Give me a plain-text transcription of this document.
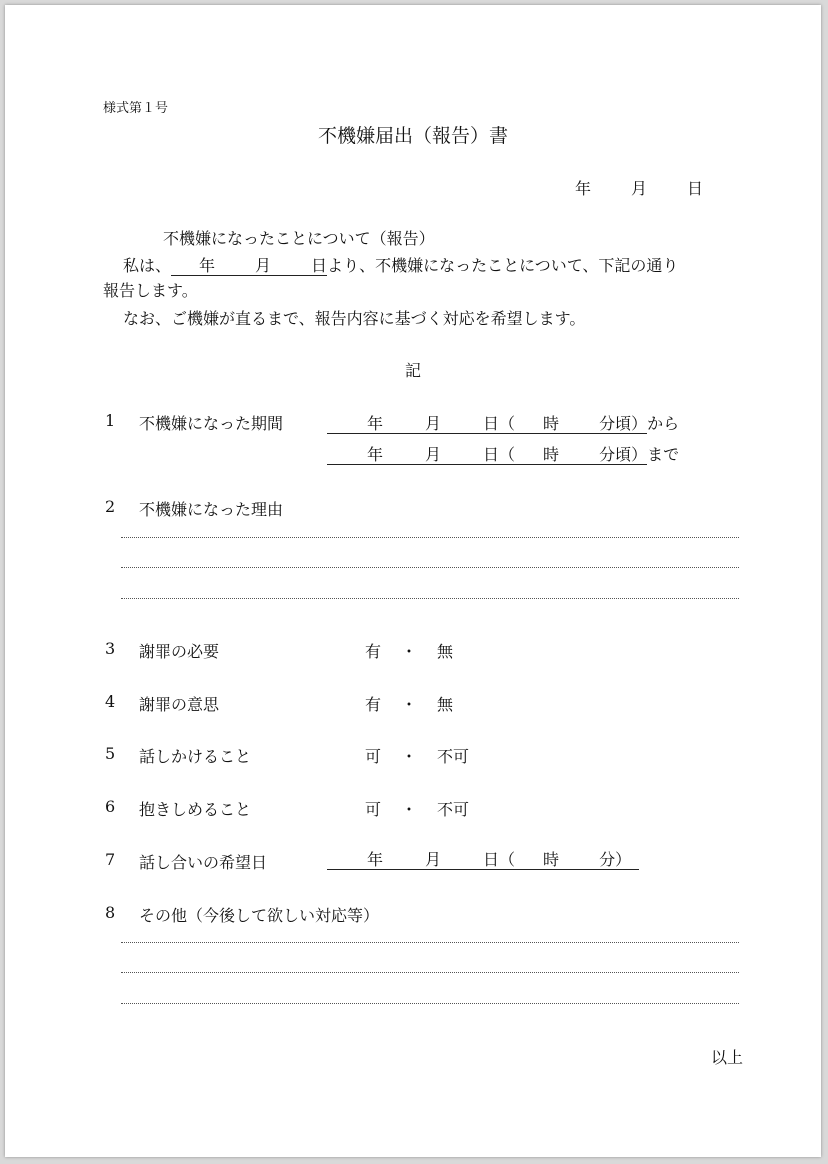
様式第１号
不機嫌届出（報告）書
年 月 日
不機嫌になったことについて（報告）
私は、 年	月	日より、不機嫌になったことについて、下記の通り
報告します。
なお、ご機嫌が直るまで、報告内容に基づく対応を希望します。
記
1 不機嫌になった期間	年	月	日（ 時	分頃）から
年	月	日（ 時	分頃）まで
2 不機嫌になった理由
3 謝罪の必要	有 ・ 無
4 謝罪の意思	有 ・ 無
5 話しかけること	可 ・ 不可
6 抱きしめること	可 ・ 不可
7 話し合いの希望日	年	月	日（ 時	分）
8 その他（今後して欲しい対応等）
以上
